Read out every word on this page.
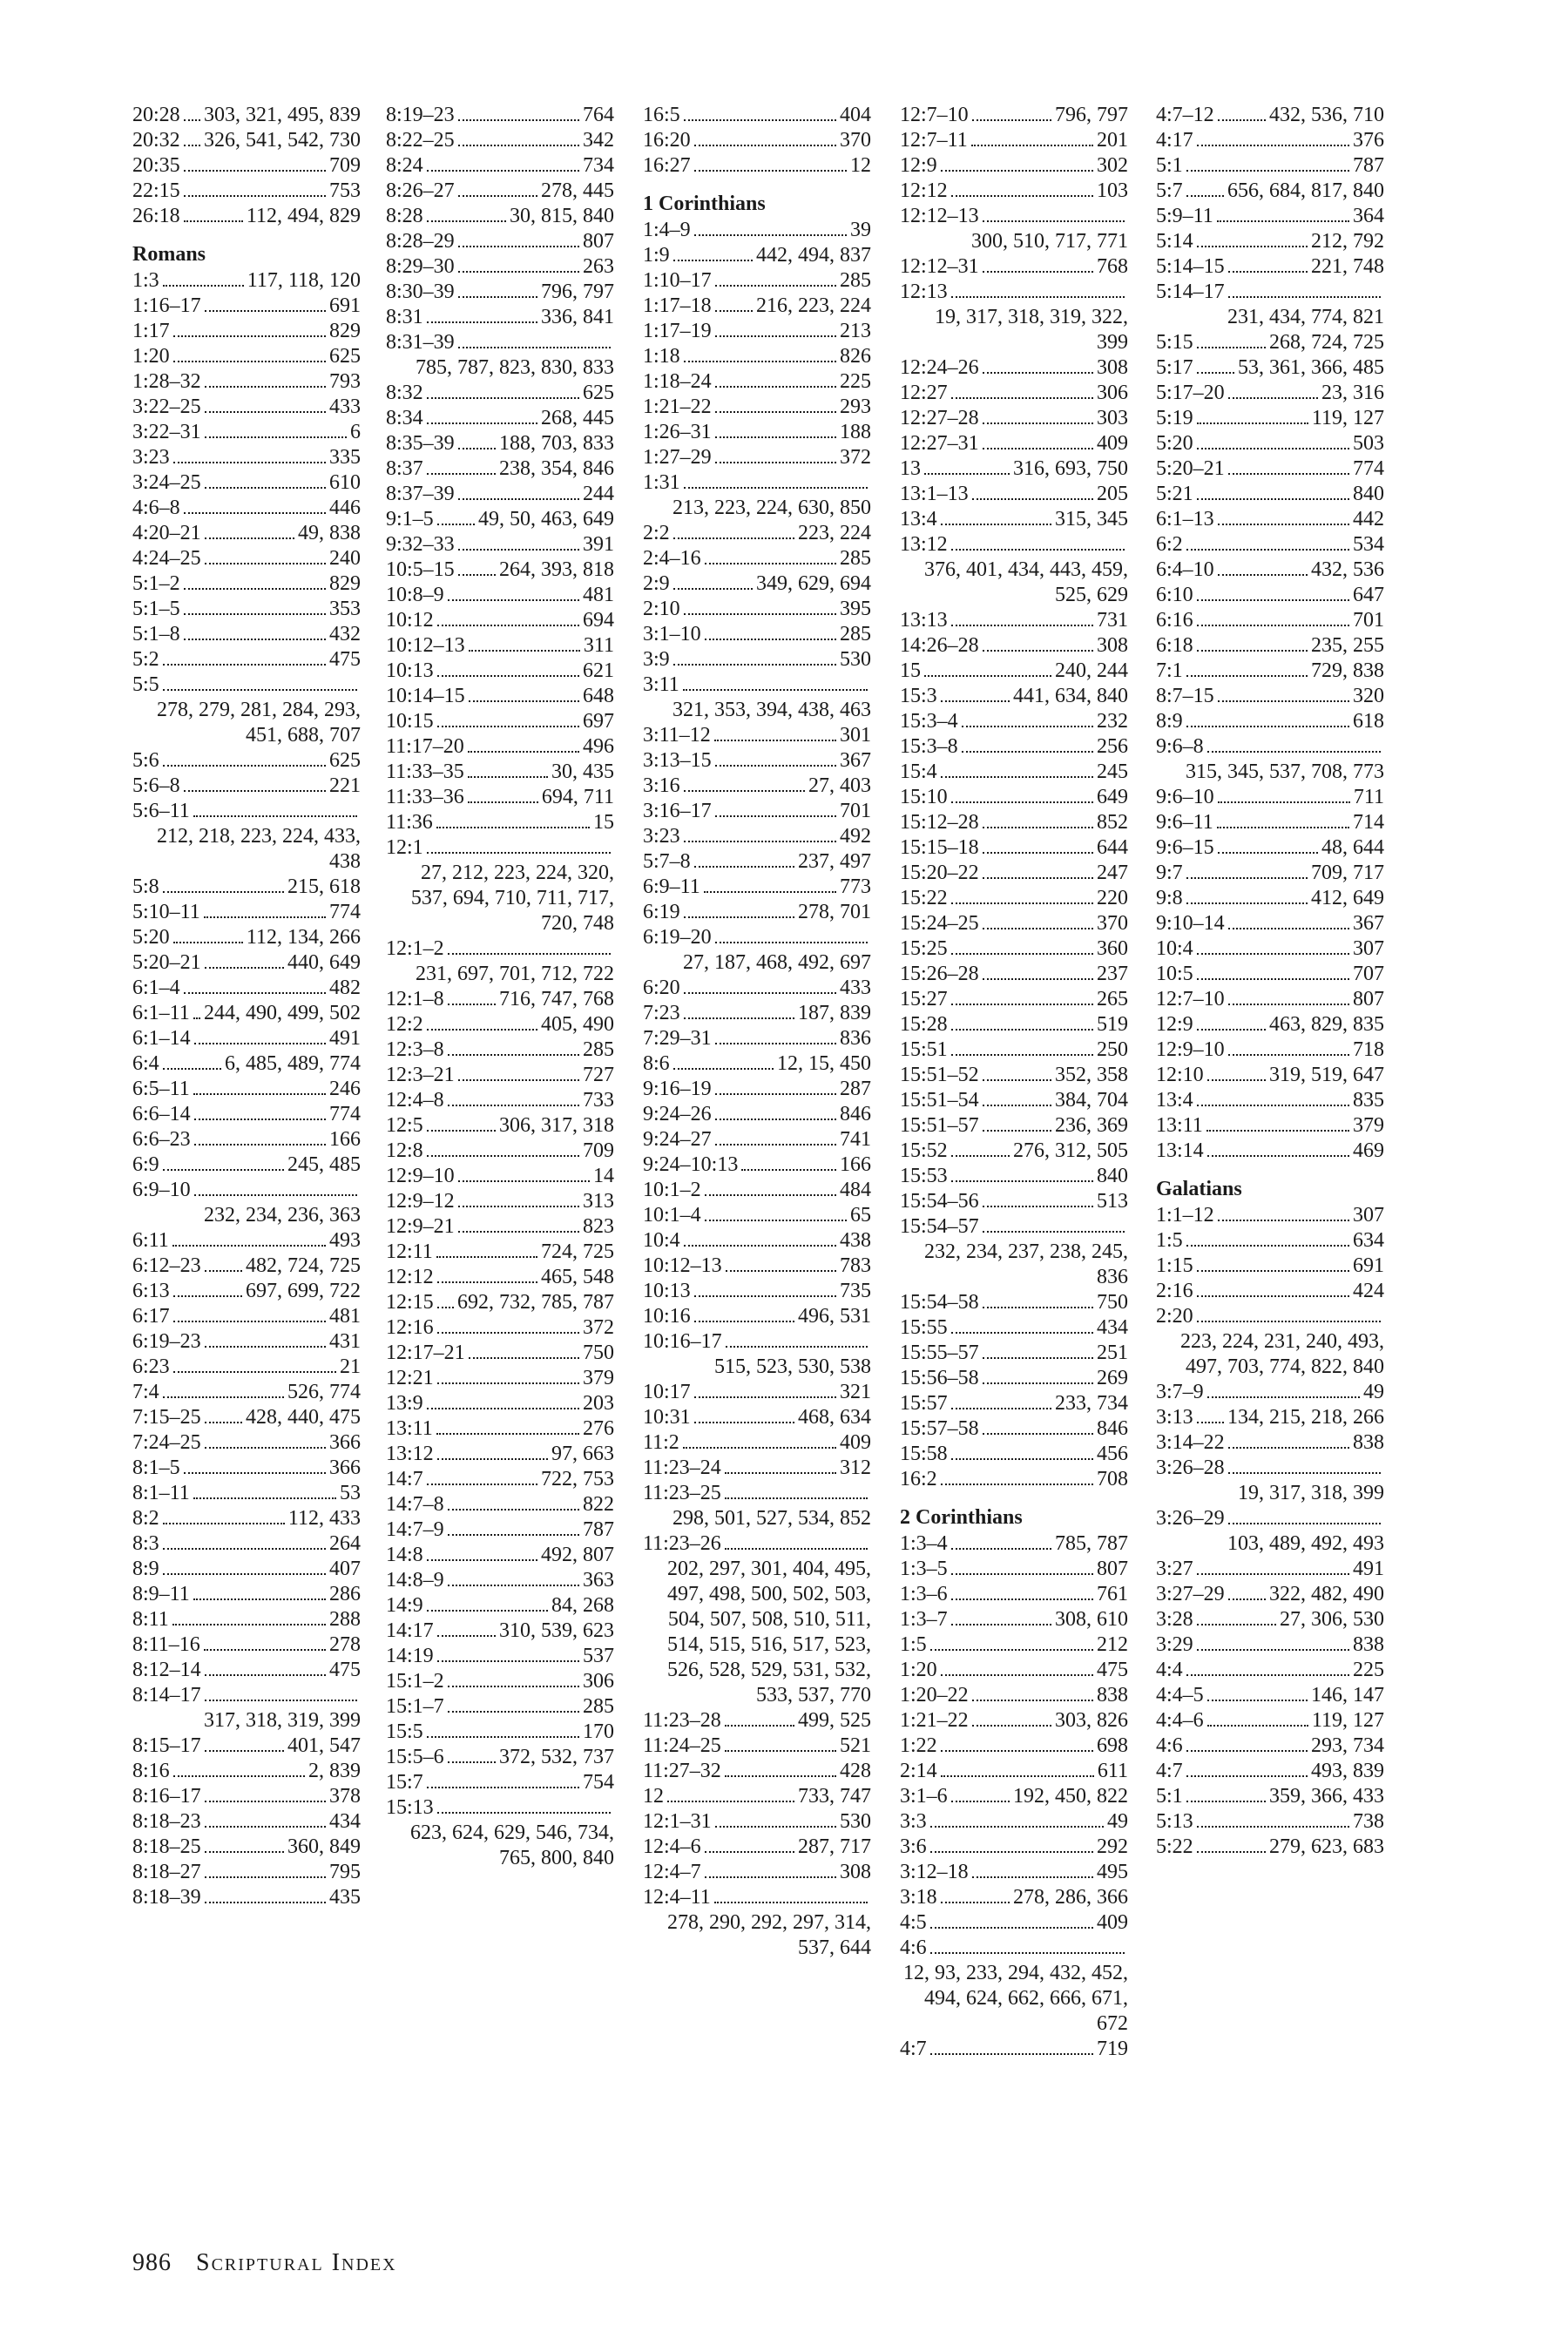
20:28 303, 321, 495, 839
20:32 326, 541, 542, 730
20:35	709
22:15	753
26:18	112, 494, 829
Romans
1:3	117, 118, 120
1:16–17	691
1:17	829
1:20	625
1:28–32	793
3:22–25	433
3:22–31	6
3:23	335
3:24–25	610
4:6–8	446
4:20–21	49, 838
4:24–25	240
5:1–2	829
5:1–5	353
5:1–8	432
5:2	475
5:5
278, 279, 281, 284, 293, 451, 688, 707
5:6	625
5:6–8	221
5:6–11
212, 218, 223, 224, 433, 438
5:8	215, 618
5:10–11	774
5:20	112, 134, 266
5:20–21	440, 649
6:1–4	482
6:1–11 244, 490, 499, 502
6:1–14	491
6:4	6, 485, 489, 774
6:5–11	246
6:6–14	774
6:6–23	166
6:9	245, 485
6:9–10
232, 234, 236, 363
6:11	493
6:12–23 482, 724, 725
6:13	697, 699, 722
6:17	481
6:19–23	431
6:23	21
7:4	526, 774
7:15–25 428, 440, 475
7:24–25	366
8:1–5	366
8:1–11	53
8:2	112, 433
8:3	264
8:9	407
8:9–11	286
8:11	288
8:11–16	278
8:12–14	475
8:14–17
317, 318, 319, 399
8:15–17	401, 547
8:16	2, 839
8:16–17	378
8:18–23	434
8:18–25	360, 849
8:18–27	795
8:18–39	435
8:19–23	764
8:22–25	342
8:24	734
8:26–27	278, 445
8:28	30, 815, 840
8:28–29	807
8:29–30	263
8:30–39	796, 797
8:31	336, 841
8:31–39
785, 787, 823, 830, 833
8:32	625
8:34	268, 445
8:35–39 188, 703, 833
8:37	238, 354, 846
8:37–39	244
9:1–5 49, 50, 463, 649
9:32–33	391
10:5–15 264, 393, 818
10:8–9	481
10:12	694
10:12–13	311
10:13	621
10:14–15	648
10:15	697
11:17–20	496
11:33–35	30, 435
11:33–36	694, 711
11:36	15
12:1
27, 212, 223, 224, 320, 537, 694, 710, 711, 717, 720, 748
12:1–2
231, 697, 701, 712, 722
12:1–8	716, 747, 768
12:2	405, 490
12:3–8	285
12:3–21	727
12:4–8	733
12:5	306, 317, 318
12:8	709
12:9–10	14
12:9–12	313
12:9–21	823
12:11	724, 725
12:12	465, 548
12:15 692, 732, 785, 787
12:16	372
12:17–21	750
12:21	379
13:9	203
13:11	276
13:12	97, 663
14:7	722, 753
14:7–8	822
14:7–9	787
14:8	492, 807
14:8–9	363
14:9	84, 268
14:17	310, 539, 623
14:19	537
15:1–2	306
15:1–7	285
15:5	170
15:5–6	372, 532, 737
15:7	754
15:13
623, 624, 629, 546, 734, 765, 800, 840
16:5	404
16:20	370
16:27	12
1 Corinthians
1:4–9	39
1:9	442, 494, 837
1:10–17	285
1:17–18 216, 223, 224
1:17–19	213
1:18	826
1:18–24	225
1:21–22	293
1:26–31	188
1:27–29	372
1:31
213, 223, 224, 630, 850
2:2	223, 224
2:4–16	285
2:9	349, 629, 694
2:10	395
3:1–10	285
3:9	530
3:11
321, 353, 394, 438, 463
3:11–12	301
3:13–15	367
3:16	27, 403
3:16–17	701
3:23	492
5:7–8	237, 497
6:9–11	773
6:19	278, 701
6:19–20
27, 187, 468, 492, 697
6:20	433
7:23	187, 839
7:29–31	836
8:6	12, 15, 450
9:16–19	287
9:24–26	846
9:24–27	741
9:24–10:13	166
10:1–2	484
10:1–4	65
10:4	438
10:12–13	783
10:13	735
10:16	496, 531
10:16–17
515, 523, 530, 538
10:17	321
10:31	468, 634
11:2	409
11:23–24	312
11:23–25
298, 501, 527, 534, 852
11:23–26
202, 297, 301, 404, 495, 497, 498, 500, 502, 503, 504, 507, 508, 510, 511, 514, 515, 516, 517, 523, 526, 528, 529, 531, 532, 533, 537, 770
11:23–28	499, 525
11:24–25	521
11:27–32	428
12	733, 747
12:1–31	530
12:4–6	287, 717
12:4–7	308
12:4–11
278, 290, 292, 297, 314, 537, 644
12:7–10	796, 797
12:7–11	201
12:9	302
12:12	103
12:12–13
300, 510, 717, 771
12:12–31	768
12:13
19, 317, 318, 319, 322, 399
12:24–26	308
12:27	306
12:27–28	303
12:27–31	409
13	316, 693, 750
13:1–13	205
13:4	315, 345
13:12
376, 401, 434, 443, 459, 525, 629
13:13	731
14:26–28	308
15	240, 244
15:3	441, 634, 840
15:3–4	232
15:3–8	256
15:4	245
15:10	649
15:12–28	852
15:15–18	644
15:20–22	247
15:22	220
15:24–25	370
15:25	360
15:26–28	237
15:27	265
15:28	519
15:51	250
15:51–52	352, 358
15:51–54	384, 704
15:51–57	236, 369
15:52	276, 312, 505
15:53	840
15:54–56	513
15:54–57
232, 234, 237, 238, 245, 836
15:54–58	750
15:55	434
15:55–57	251
15:56–58	269
15:57	233, 734
15:57–58	846
15:58	456
16:2	708
2 Corinthians
1:3–4	785, 787
1:3–5	807
1:3–6	761
1:3–7	308, 610
1:5	212
1:20	475
1:20–22	838
1:21–22	303, 826
1:22	698
2:14	611
3:1–6	192, 450, 822
3:3	49
3:6	292
3:12–18	495
3:18	278, 286, 366
4:5	409
4:6
12, 93, 233, 294, 432, 452, 494, 624, 662, 666, 671, 672
4:7	719
4:7–12	432, 536, 710
4:17	376
5:1	787
5:7 656, 684, 817, 840
5:9–11	364
5:14	212, 792
5:14–15	221, 748
5:14–17
231, 434, 774, 821
5:15	268, 724, 725
5:17 53, 361, 366, 485
5:17–20	23, 316
5:19	119, 127
5:20	503
5:20–21	774
5:21	840
6:1–13	442
6:2	534
6:4–10	432, 536
6:10	647
6:16	701
6:18	235, 255
7:1	729, 838
8:7–15	320
8:9	618
9:6–8
315, 345, 537, 708, 773
9:6–10	711
9:6–11	714
9:6–15	48, 644
9:7	709, 717
9:8	412, 649
9:10–14	367
10:4	307
10:5	707
12:7–10	807
12:9	463, 829, 835
12:9–10	718
12:10	319, 519, 647
13:4	835
13:11	379
13:14	469
Galatians
1:1–12	307
1:5	634
1:15	691
2:16	424
2:20
223, 224, 231, 240, 493, 497, 703, 774, 822, 840
3:7–9	49
3:13 134, 215, 218, 266
3:14–22	838
3:26–28
19, 317, 318, 399
3:26–29
103, 489, 492, 493
3:27	491
3:27–29 322, 482, 490
3:28	27, 306, 530
3:29	838
4:4	225
4:4–5	146, 147
4:4–6	119, 127
4:6	293, 734
4:7	493, 839
5:1	359, 366, 433
5:13	738
5:22	279, 623, 683
986 Scriptural Index
